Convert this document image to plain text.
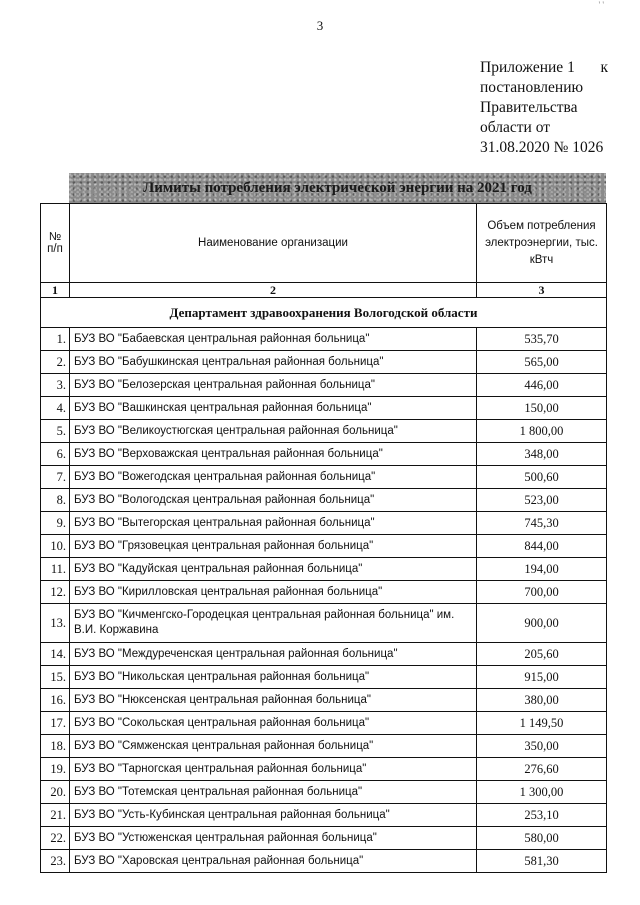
3
Приложение 1 к
постановлению
Правительства
области от
31.08.2020 № 1026
Лимиты потребления электрической энергии на 2021 год
№ п/п	Наименование организации	Объем потребления электроэнергии, тыс. кВтч
1	2	3
Департамент здравоохранения Вологодской области		
1.	БУЗ ВО "Бабаевская центральная районная больница"	535,70
2.	БУЗ ВО "Бабушкинская центральная районная больница"	565,00
3.	БУЗ ВО "Белозерская центральная районная больница"	446,00
4.	БУЗ ВО "Вашкинская центральная районная больница"	150,00
5.	БУЗ ВО "Великоустюгская центральная районная больница"	1 800,00
6.	БУЗ ВО "Верховажская центральная районная больница"	348,00
7.	БУЗ ВО "Вожегодская центральная районная больница"	500,60
8.	БУЗ ВО "Вологодская центральная районная больница"	523,00
9.	БУЗ ВО "Вытегорская центральная районная больница"	745,30
10.	БУЗ ВО "Грязовецкая центральная районная больница"	844,00
11.	БУЗ ВО "Кадуйская центральная районная больница"	194,00
12.	БУЗ ВО "Кирилловская центральная районная больница"	700,00
13.	БУЗ ВО "Кичменгско-Городецкая центральная районная больница" им. В.И. Коржавина	900,00
14.	БУЗ ВО "Междуреченская центральная районная больница"	205,60
15.	БУЗ ВО "Никольская центральная районная больница"	915,00
16.	БУЗ ВО "Нюксенская центральная районная больница"	380,00
17.	БУЗ ВО "Сокольская центральная районная больница"	1 149,50
18.	БУЗ ВО "Сямженская центральная районная больница"	350,00
19.	БУЗ ВО "Тарногская центральная районная больница"	276,60
20.	БУЗ ВО "Тотемская центральная районная больница"	1 300,00
21.	БУЗ ВО "Усть-Кубинская центральная районная больница"	253,10
22.	БУЗ ВО "Устюженская центральная районная больница"	580,00
23.	БУЗ ВО "Харовская центральная районная больница"	581,30
' '
